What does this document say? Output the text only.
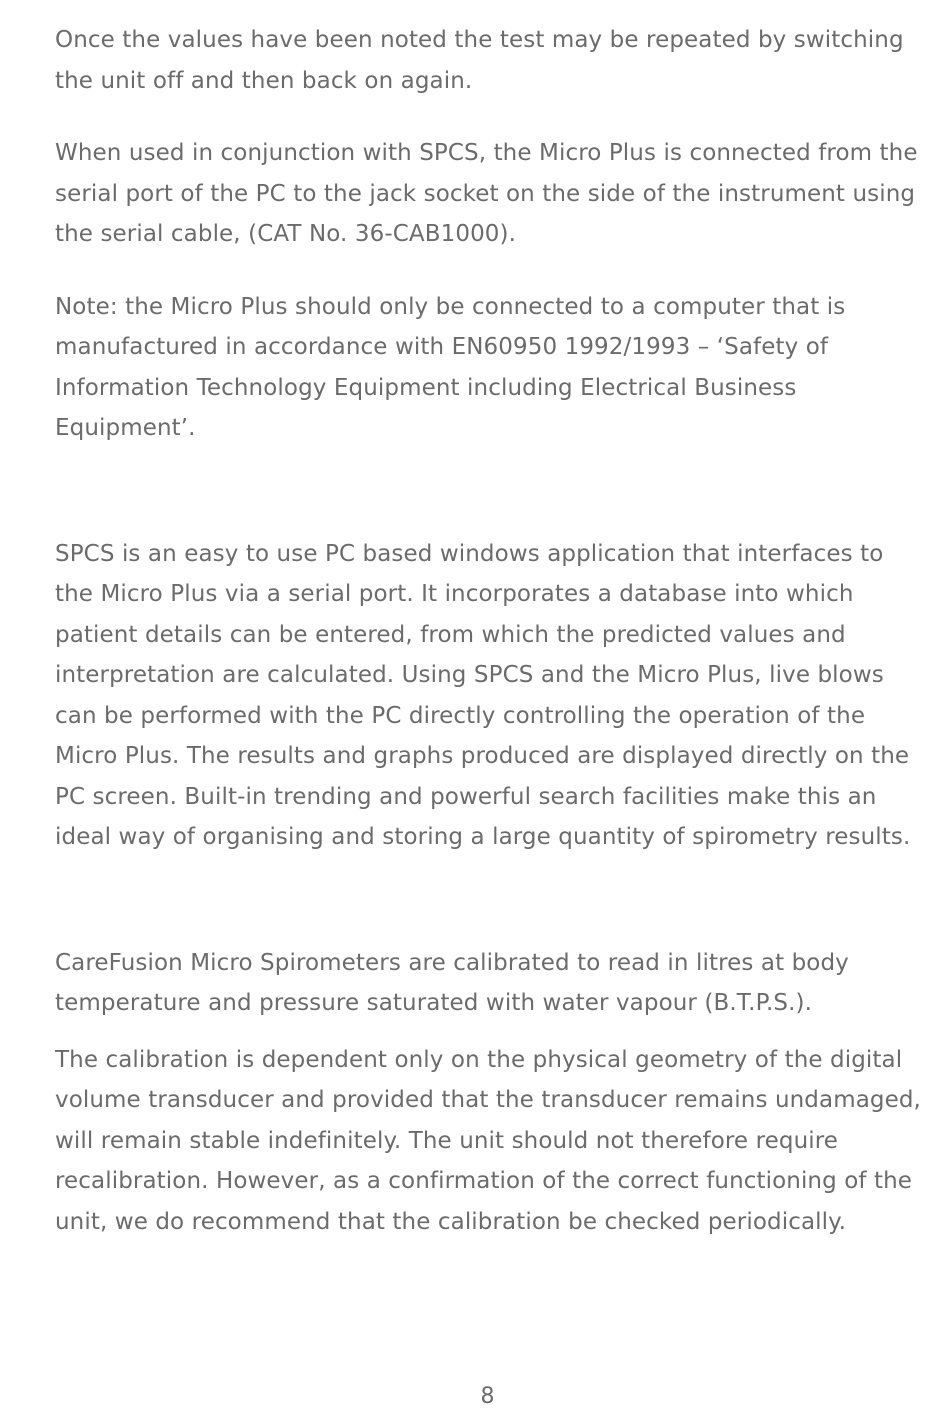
Once the values have been noted the test may be repeated by switching the unit off and then back on again.

When used in conjunction with SPCS, the Micro Plus is connected from the serial port of the PC to the jack socket on the side of the instrument using the serial cable, (CAT No. 36-CAB1000).

Note: the Micro Plus should only be connected to a computer that is manufactured in accordance with EN60950 1992/1993 – ‘Safety of Information Technology Equipment including Electrical Business Equipment’.

SPCS is an easy to use PC based windows application that interfaces to the Micro Plus via a serial port. It incorporates a database into which patient details can be entered, from which the predicted values and interpretation are calculated. Using SPCS and the Micro Plus, live blows can be performed with the PC directly controlling the operation of the Micro Plus. The results and graphs produced are displayed directly on the PC screen. Built-in trending and powerful search facilities make this an ideal way of organising and storing a large quantity of spirometry results.

CareFusion Micro Spirometers are calibrated to read in litres at body temperature and pressure saturated with water vapour (B.T.P.S.).

The calibration is dependent only on the physical geometry of the digital volume transducer and provided that the transducer remains undamaged, will remain stable indefinitely. The unit should not therefore require recalibration. However, as a confirmation of the correct functioning of the unit, we do recommend that the calibration be checked periodically.

8
